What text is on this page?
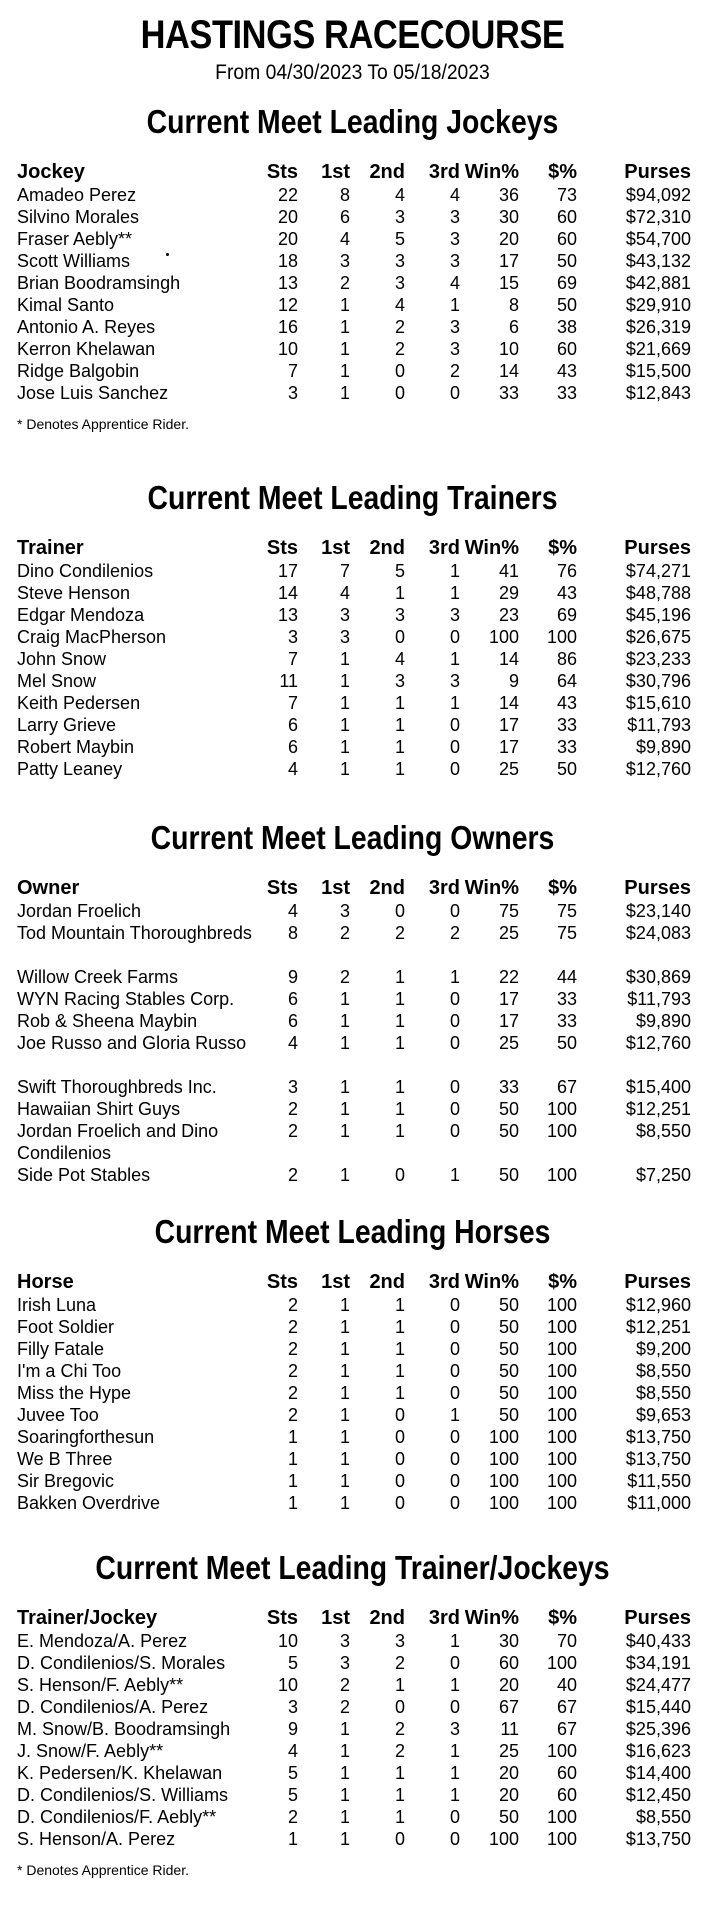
HASTINGS RACECOURSE
From 04/30/2023 To 05/18/2023
Current Meet Leading Jockeys
Jockey	Sts 1st 2nd 3rd Win% $% Purses
Amadeo Perez	22 8 4 4 36 73	$94,092
Silvino Morales	20 6 3 3 30 60	$72,310
Fraser Aebly**	20 4 5 3 20 60	$54,700
Scott Williams	18 3 3 3 17 50	$43,132
Brian Boodramsingh	13 2 3 4 15 69	$42,881
Kimal Santo	12 1 4 1	8 50	$29,910
Antonio A. Reyes	16 1 2 3	6 38	$26,319
Kerron Khelawan	10 1 2 3 10 60	$21,669
Ridge Balgobin	7 1 0 2 14 43	$15,500
Jose Luis Sanchez	3 1 0 0 33 33	$12,843
* Denotes Apprentice Rider.
Current Meet Leading Trainers
Trainer	Sts 1st 2nd 3rd Win% $% Purses
Dino Condilenios	17 7 5 1 41 76	$74,271
Steve Henson	14 4 1 1 29 43	$48,788
Edgar Mendoza	13 3 3 3 23 69	$45,196
Craig MacPherson	3 3 0 0 100 100	$26,675
John Snow	7 1 4 1 14 86	$23,233
Mel Snow	11 1 3 3	9 64	$30,796
Keith Pedersen	7 1 1 1 14 43	$15,610
Larry Grieve	6 1 1 0 17 33	$11,793
Robert Maybin	6 1 1 0 17 33	$9,890
Patty Leaney	4 1 1 0 25 50	$12,760
Current Meet Leading Owners
Owner	Sts 1st 2nd 3rd Win% $% Purses
Jordan Froelich	4 3 0 0 75 75	$23,140
Tod Mountain Thoroughbreds 8 2 2 2 25 75	$24,083
Willow Creek Farms	9 2 1 1 22 44	$30,869
WYN Racing Stables Corp.	6 1 1 0 17 33	$11,793
Rob & Sheena Maybin	6 1 1 0 17 33	$9,890
Joe Russo and Gloria Russo	4 1 1 0 25 50	$12,760
Swift Thoroughbreds Inc.	3 1 1 0 33 67	$15,400
Hawaiian Shirt Guys	2 1 1 0 50 100	$12,251
Jordan Froelich and Dino Condilenios
2 1 1 0 50 100	$8,550
Side Pot Stables	2 1 0 1 50 100	$7,250
Current Meet Leading Horses
Horse	Sts 1st 2nd 3rd Win% $% Purses
Irish Luna	2 1 1 0 50 100	$12,960
Foot Soldier	2 1 1 0 50 100	$12,251
Filly Fatale	2 1 1 0 50 100	$9,200
I'm a Chi Too	2 1 1 0 50 100	$8,550
Miss the Hype	2 1 1 0 50 100	$8,550
Juvee Too	2 1 0 1 50 100	$9,653
Soaringforthesun	1 1 0 0 100 100	$13,750
We B Three	1 1 0 0 100 100	$13,750
Sir Bregovic	1 1 0 0 100 100	$11,550
Bakken Overdrive	1 1 0 0 100 100	$11,000
Current Meet Leading Trainer/Jockeys
Trainer/Jockey	Sts 1st 2nd 3rd Win% $% Purses
E. Mendoza/A. Perez	10 3 3 1 30 70	$40,433
D. Condilenios/S. Morales	5 3 2 0 60 100	$34,191
S. Henson/F. Aebly**	10 2 1 1 20 40	$24,477
D. Condilenios/A. Perez	3 2 0 0 67 67	$15,440
M. Snow/B. Boodramsingh	9 1 2 3 11 67	$25,396
J. Snow/F. Aebly**	4 1 2 1 25 100	$16,623
K. Pedersen/K. Khelawan	5 1 1 1 20 60	$14,400
D. Condilenios/S. Williams	5 1 1 1 20 60	$12,450
D. Condilenios/F. Aebly**	2 1 1 0 50 100	$8,550
S. Henson/A. Perez	1 1 0 0 100 100	$13,750
* Denotes Apprentice Rider.
